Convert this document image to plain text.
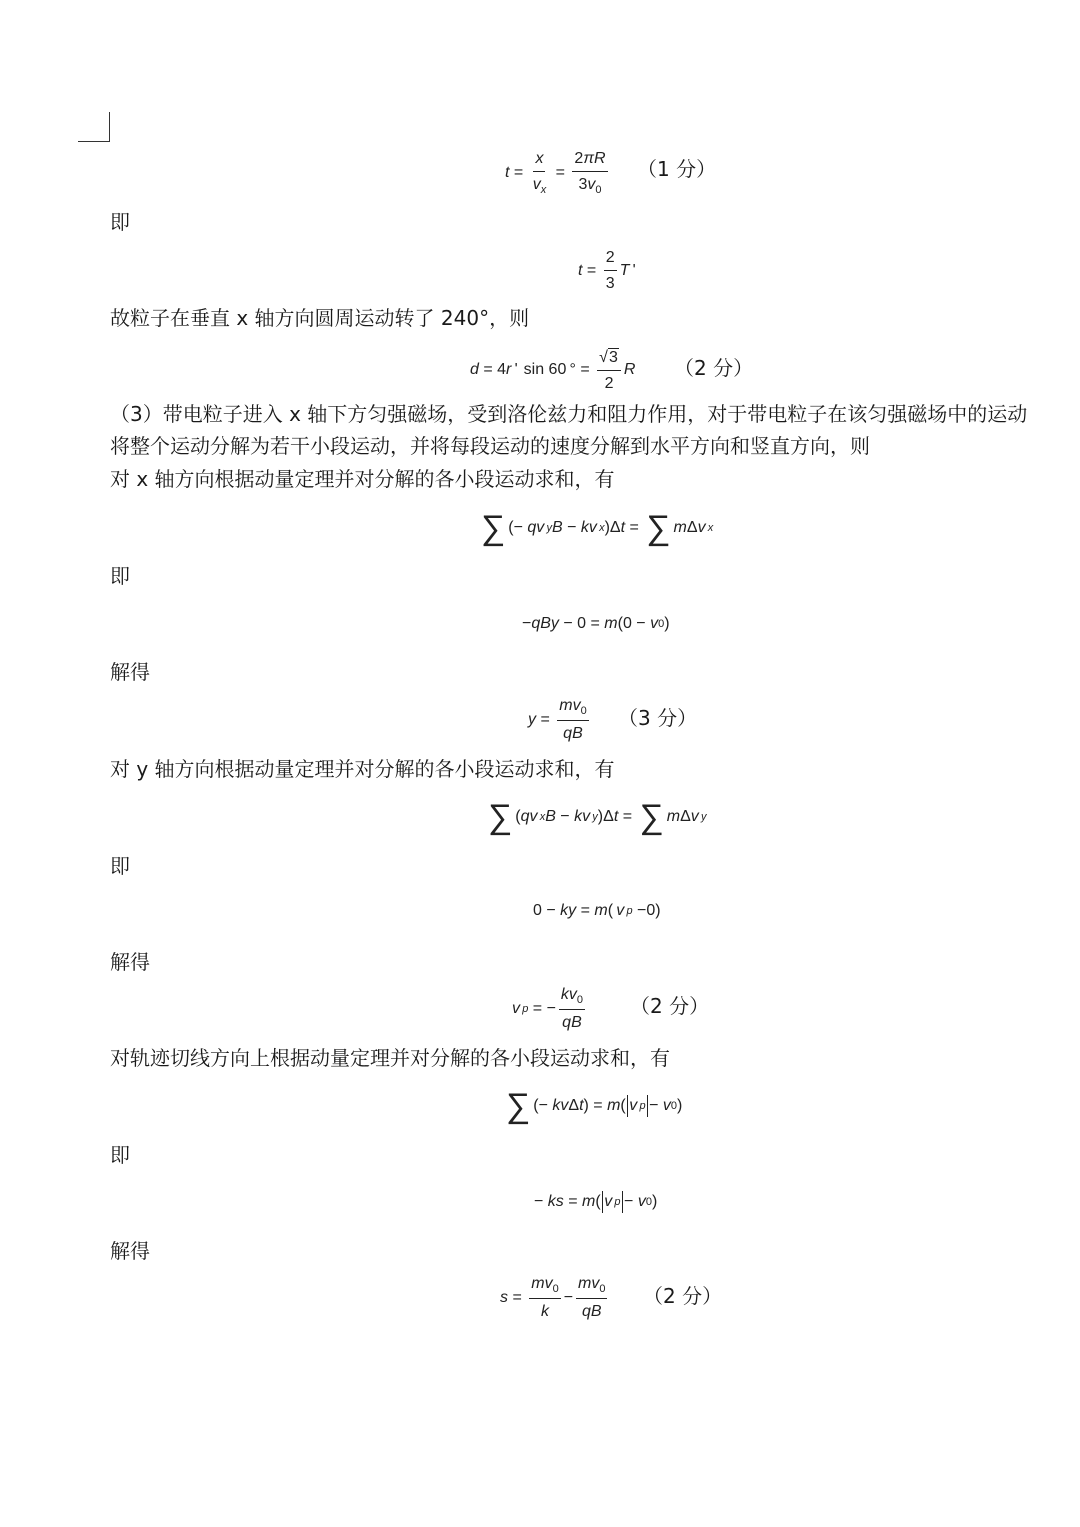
$t = \frac{x}{v_x} = \frac{2\pi R}{3v_0} (1$ 分）
即
$t = \frac{2}{3}$ T  '
故粒子在垂直 x 轴方向圆周运动转了 240°，则
d = 4 r  ' sin 60 ° = $\frac{√ 3}{2}$ R （2 分）
（3）带电粒子进入 x 轴下方匀强磁场，受到洛伦兹力和阻力作用，对于带电粒子在该匀强磁场中的运动
将整个运动分解为若干小段运动，并将每段运动的速度分解到水平方向和竖直方向，则
对 x 轴方向根据动量定理并对分解的各小段运动求和，有
∑ (− qv
  y B − kv
  x )Δ t = ∑ m Δ v
  x
即
− qBy − 0 = m (0 − v 0 )
解得
$y = \frac{mv_0}{qB} (3$ 分）
对 y 轴方向根据动量定理并对分解的各小段运动求和，有
∑ ( qv
  x B − kv
  y )Δ t = ∑ m Δ v
  y
即
0 − ky = m (  v
  p −0)
解得
v
  p = − $\frac{kv_0}{qB} (2$ 分）
对轨迹切线方向上根据动量定理并对分解的各小段运动求和，有
∑ (− kv Δ t ) = m ( v
  p − v 0 )
即
− ks = m ( v
  p − v 0 )
解得
$s = \frac{mv_0}{k} - \frac{mv_0}{qB} (2$ 分）
